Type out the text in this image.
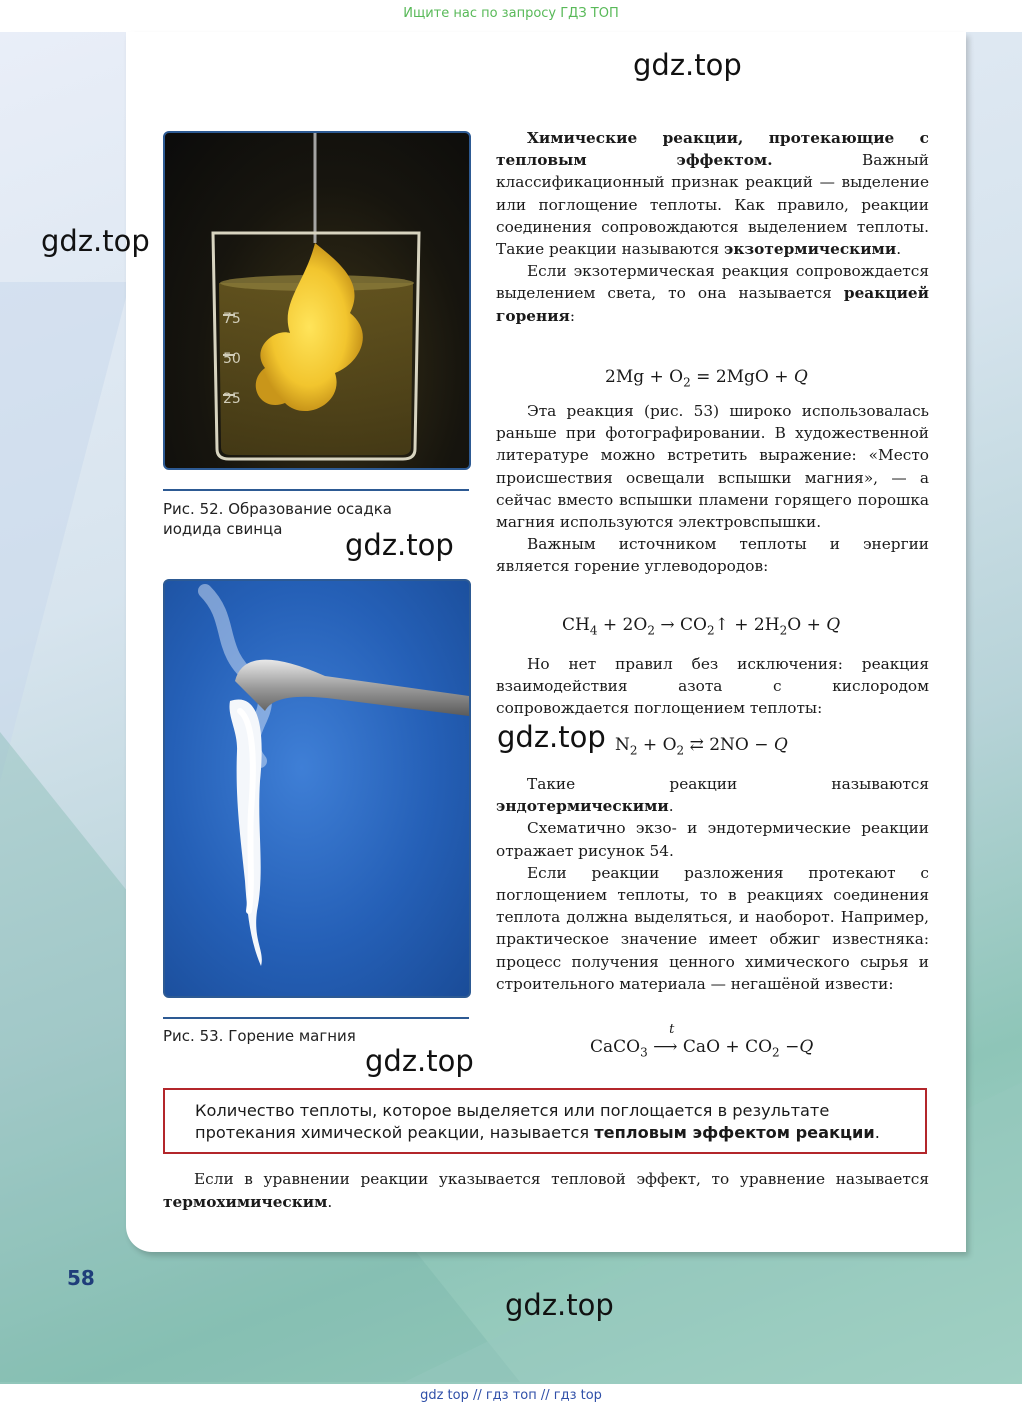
Ищите нас по запросу ГДЗ ТОП
75
50
25
Рис. 52. Образование осадка иодида свинца
Рис. 53. Горение магния

Химические реакции, протекающие с тепловым эффектом. Важный классификационный признак реакций — выделение или поглощение теплоты. Как правило, реакции соединения сопровождаются выделением теплоты. Такие реакции называются экзотермическими.

Если экзотермическая реакция сопровождается выделением света, то она называется реакцией горения:

$2Mg + O_2 = 2MgO + Q$

Эта реакция (рис. 53) широко использовалась раньше при фотографировании. В художественной литературе можно встретить выражение: «Место происшествия освещали вспышки магния», — а сейчас вместо вспышки пламени горящего порошка магния используются электровспышки.

Важным источником теплоты и энергии является горение углеводородов:

$CH_4 + 2O_2$ → $CO_2↑ + 2H_2O + Q$

Но нет правил без исключения: реакция взаимодействия азота с кислородом сопровождается поглощением теплоты:

$N_2 + O_2$ ⇄ 2NO − Q

Такие реакции называются эндотермическими.

Схематично экзо- и эндотермические реакции отражает рисунок 54.

Если реакции разложения протекают с поглощением теплоты, то в реакциях соединения теплота должна выделяться, и наоборот. Например, практическое значение имеет обжиг известняка: процесс получения ценного химического сырья и строительного материала — негашёной извести:

CaCO$_3$
t
⟶ CaO + $CO_2 -Q$
Количество теплоты, которое выделяется или поглощается в результате протекания химической реакции, называется тепловым эффектом реакции.

Если в уравнении реакции указывается тепловой эффект, то уравнение называется термохимическим.

58
gdz.top
gdz.top
gdz.top
gdz.top
gdz.top
gdz.top
gdz top // гдз топ // гдз top
